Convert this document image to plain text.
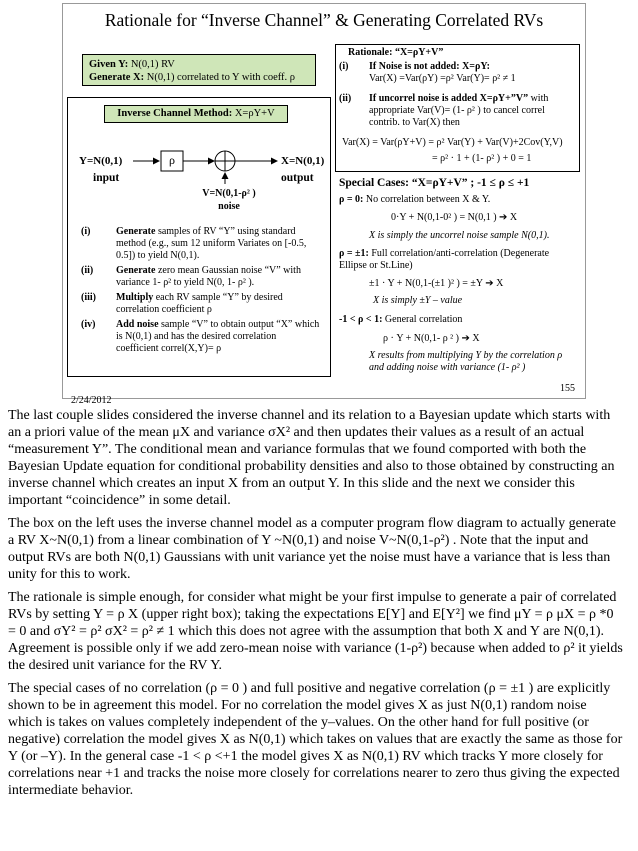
Rationale for “Inverse Channel” & Generating Correlated RVs
Given Y: N(0,1) RV
Generate X: N(0,1) correlated to Y with coeff. ρ
Inverse Channel Method: X=ρY+V
Y=N(0,1)
input
X=N(0,1)
output
ρ
V=N(0,1-ρ² )
noise
(i)	Generate samples of RV “Y” using standard method (e.g., sum 12 uniform Variates on [-0.5, 0.5]) to yield N(0,1).
(ii)	Generate zero mean Gaussian noise “V” with variance 1- ρ² to yield N(0, 1- ρ² ).
(iii)	Multiply each RV sample “Y” by desired correlation coefficient ρ
(iv)	Add noise sample “V” to obtain output “X” which is N(0,1) and has the desired correlation coefficient correl(X,Y)= ρ
Rationale: “X=ρY+V”
(i)	If Noise is not added: X=ρY:
Var(X) =Var(ρY) =ρ² Var(Y)= ρ² ≠ 1
(ii)	If uncorrel noise is added X=ρY+”V” with
appropriate Var(V)= (1- ρ² ) to cancel correl contrib. to Var(X) then
Var(X) = Var(ρY+V) = ρ² Var(Y) + Var(V)+2Cov(Y,V)
= ρ² · 1 + (1- ρ² ) + 0 = 1
Special Cases: “X=ρY+V” ; -1 ≤ ρ ≤ +1
ρ = 0: No correlation between X & Y.
0·Y + N(0,1-0² ) = N(0,1 ) ➔ X
X is simply the uncorrel noise sample N(0,1).
ρ = ±1: Full correlation/anti-correlation (Degenerate Ellipse or St.Line)
±1 · Y + N(0,1-(±1 )² ) = ±Y ➔ X
X is simply ±Y – value
-1 < ρ < 1: General correlation
ρ · Y + N(0,1- ρ ² ) ➔ X
X results from multiplying Y by the correlation ρ and adding noise with variance (1- ρ² )
2/24/2012
155

The last couple slides considered the inverse channel and its relation to a Bayesian update which starts with an a priori value of the mean μX and variance σX² and then updates their values as a result of an actual “measurement Y”. The conditional mean and variance formulas that we found comported with both the Bayesian Update equation for conditional probability densities and also to those obtained by constructing an inverse channel which creates an input X from an output Y. In this slide and the next we consider this important “coincidence” in some detail.

The box on the left uses the inverse channel model as a computer program flow diagram to actually generate a RV X~N(0,1) from a linear combination of Y ~N(0,1) and noise V~N(0,1-ρ²) . Note that the input and output RVs are both N(0,1) Gaussians with unit variance yet the noise must have a variance that is less than unity for this to work.

The rationale is simple enough, for consider what might be your first impulse to generate a pair of correlated RVs by setting Y = ρ X (upper right box); taking the expectations E[Y] and E[Y²] we find μY = ρ μX = ρ *0 = 0 and σY² = ρ² σX² = ρ² ≠ 1 which this does not agree with the assumption that both X and Y are N(0,1). Agreement is possible only if we add zero-mean noise with variance (1-ρ²) because when added to ρ² it yields the desired unit variance for the RV Y.

The special cases of no correlation (ρ = 0 ) and full positive and negative correlation (ρ = ±1 ) are explicitly shown to be in agreement this model. For no correlation the model gives X as just N(0,1) random noise which is takes on values completely independent of the y–values. On the other hand for full positive (or negative) correlation the model gives X as N(0,1) which takes on values that are exactly the same as those for Y (or –Y). In the general case -1 < ρ <+1 the model gives X as N(0,1) RV which tracks Y more closely for correlations near +1 and tracks the noise more closely for correlations nearer to zero thus giving the expected intermediate behavior.
